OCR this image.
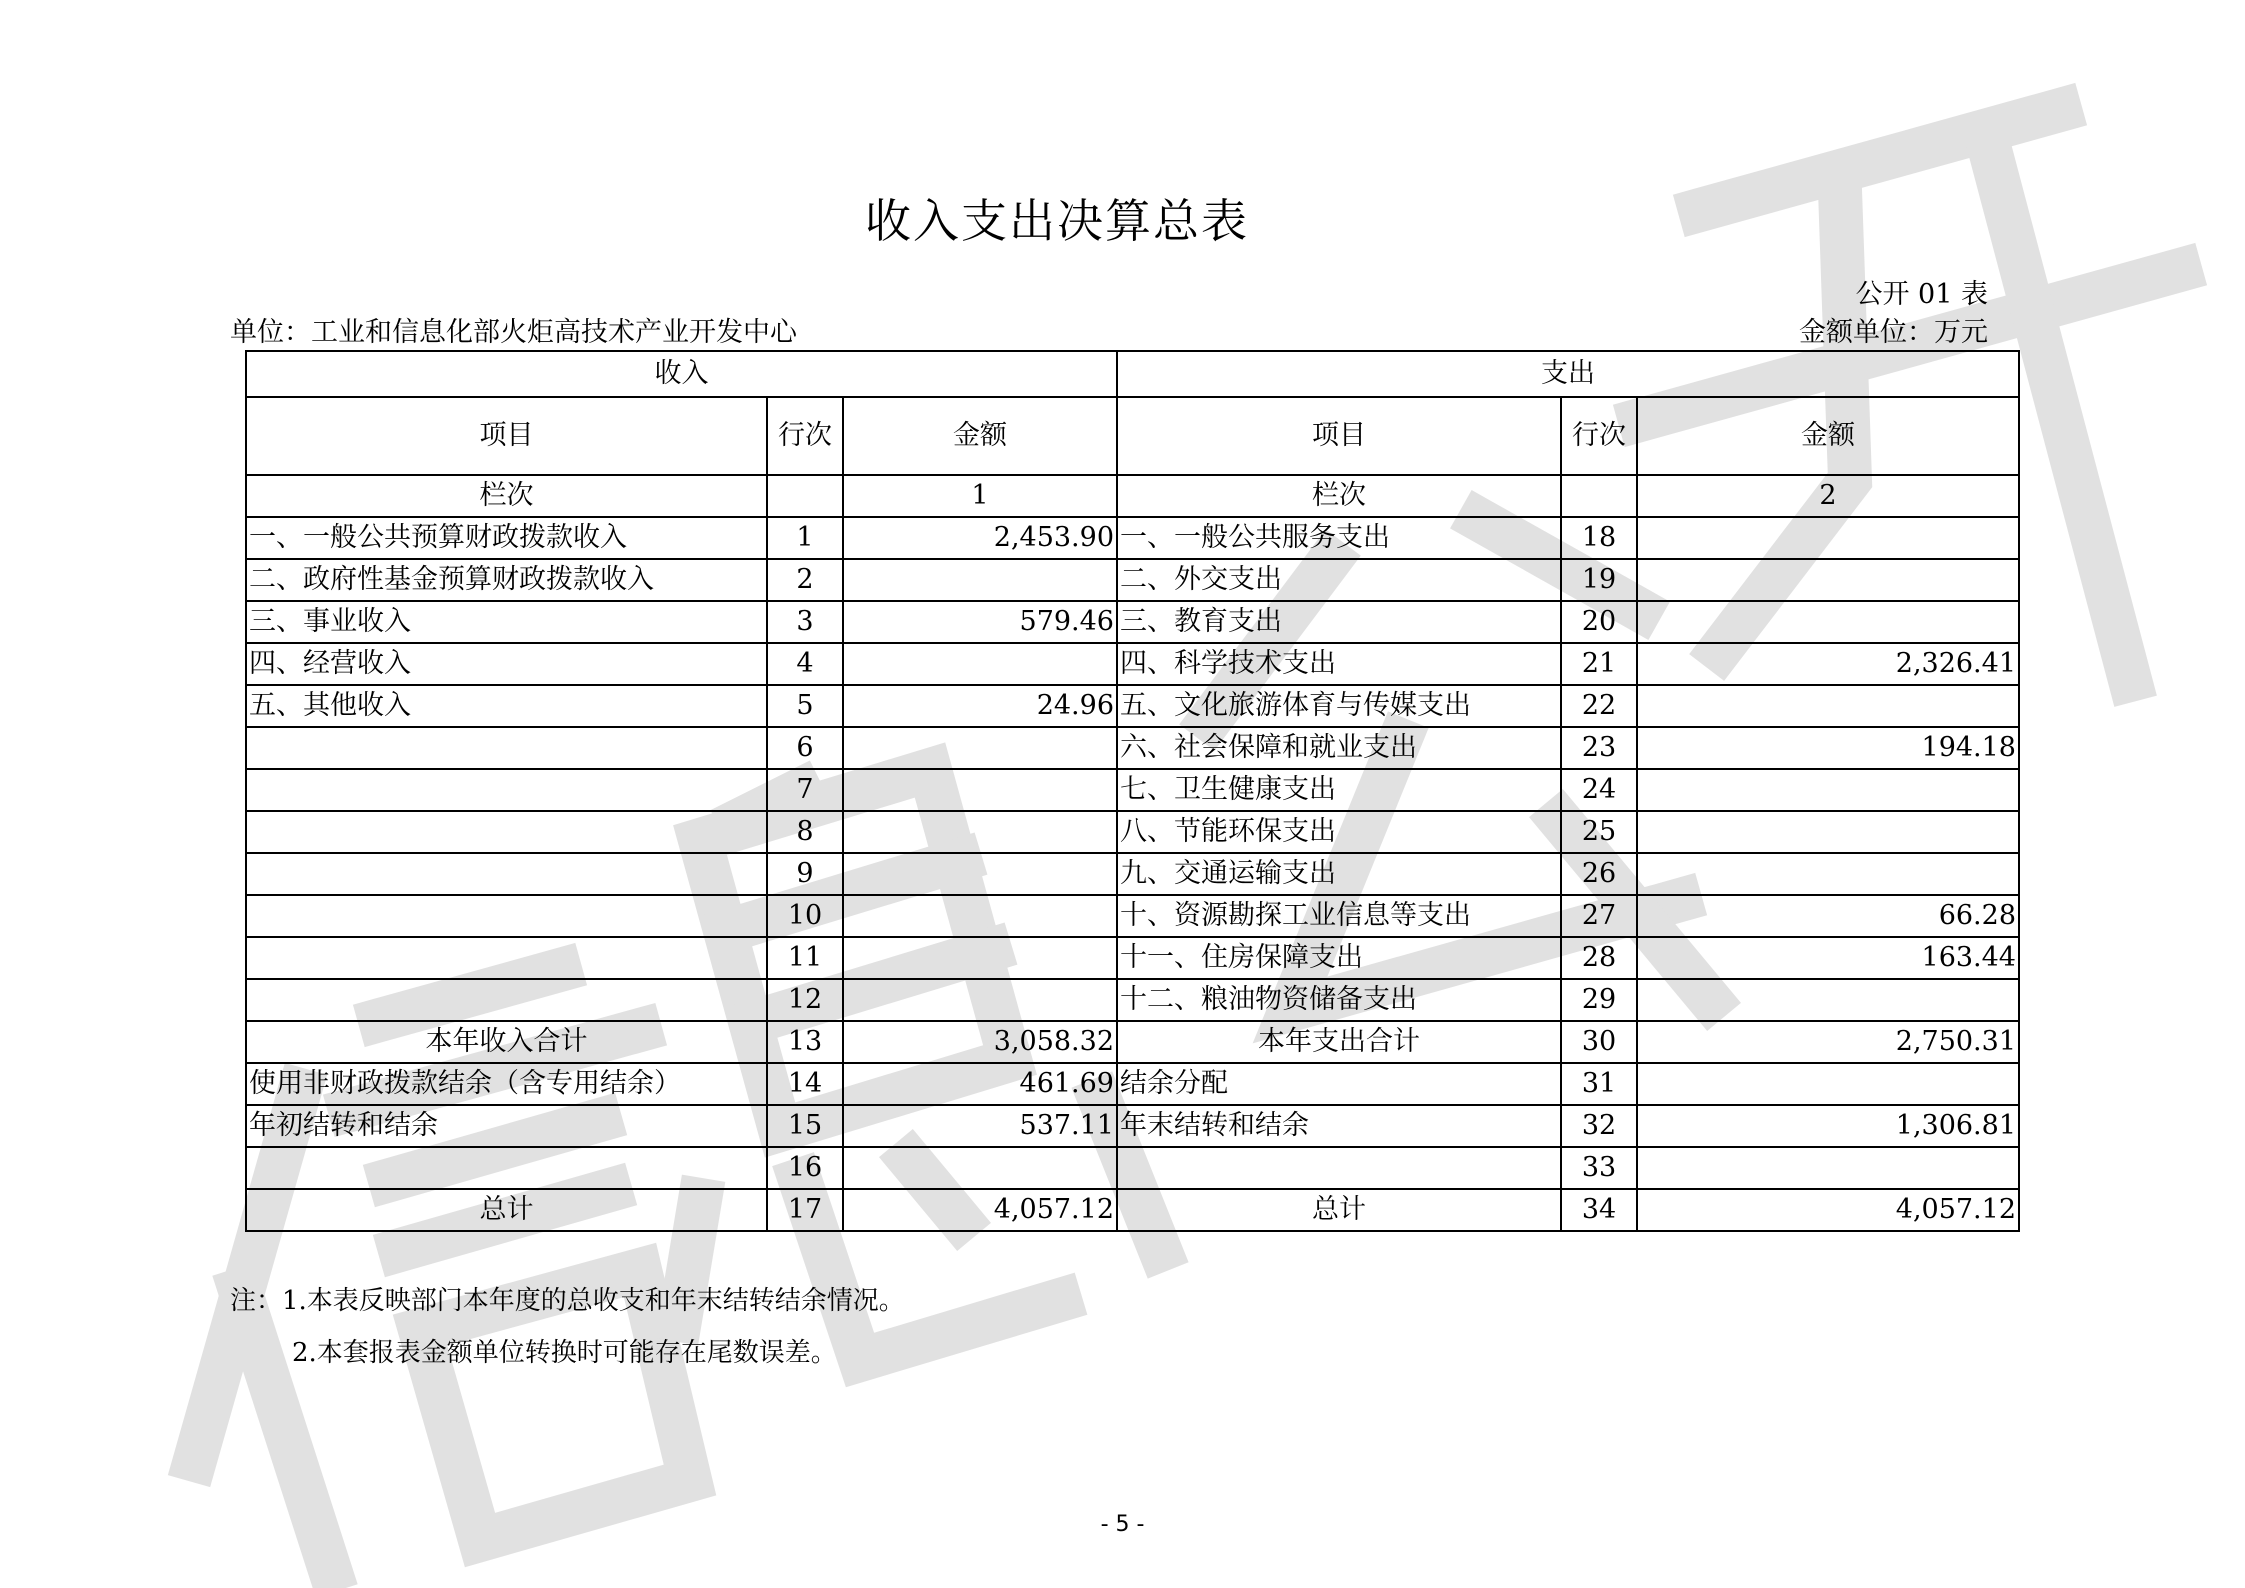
收入支出决算总表
公开 01 表
单位：工业和信息化部火炬高技术产业开发中心	金额单位：万元
收入			支出		
项目	行次	金额	项目	行次	金额
栏次		1	栏次		2
一、一般公共预算财政拨款收入	1	2,453.90	一、一般公共服务支出	18	
二、政府性基金预算财政拨款收入	2		二、外交支出	19	
三、事业收入	3	579.46	三、教育支出	20	
四、经营收入	4		四、科学技术支出	21	2,326.41
五、其他收入	5	24.96	五、文化旅游体育与传媒支出	22	
	6		六、社会保障和就业支出	23	194.18
	7		七、卫生健康支出	24	
	8		八、节能环保支出	25	
	9		九、交通运输支出	26	
	10		十、资源勘探工业信息等支出	27	66.28
	11		十一、住房保障支出	28	163.44
	12		十二、粮油物资储备支出	29	
本年收入合计	13	3,058.32	本年支出合计	30	2,750.31
使用非财政拨款结余（含专用结余）	14	461.69	结余分配	31	
年初结转和结余	15	537.11	年末结转和结余	32	1,306.81
	16			33	
总计	17	4,057.12	总计	34	4,057.12
注：1.本表反映部门本年度的总收支和年末结转结余情况。
2.本套报表金额单位转换时可能存在尾数误差。
- 5 -
